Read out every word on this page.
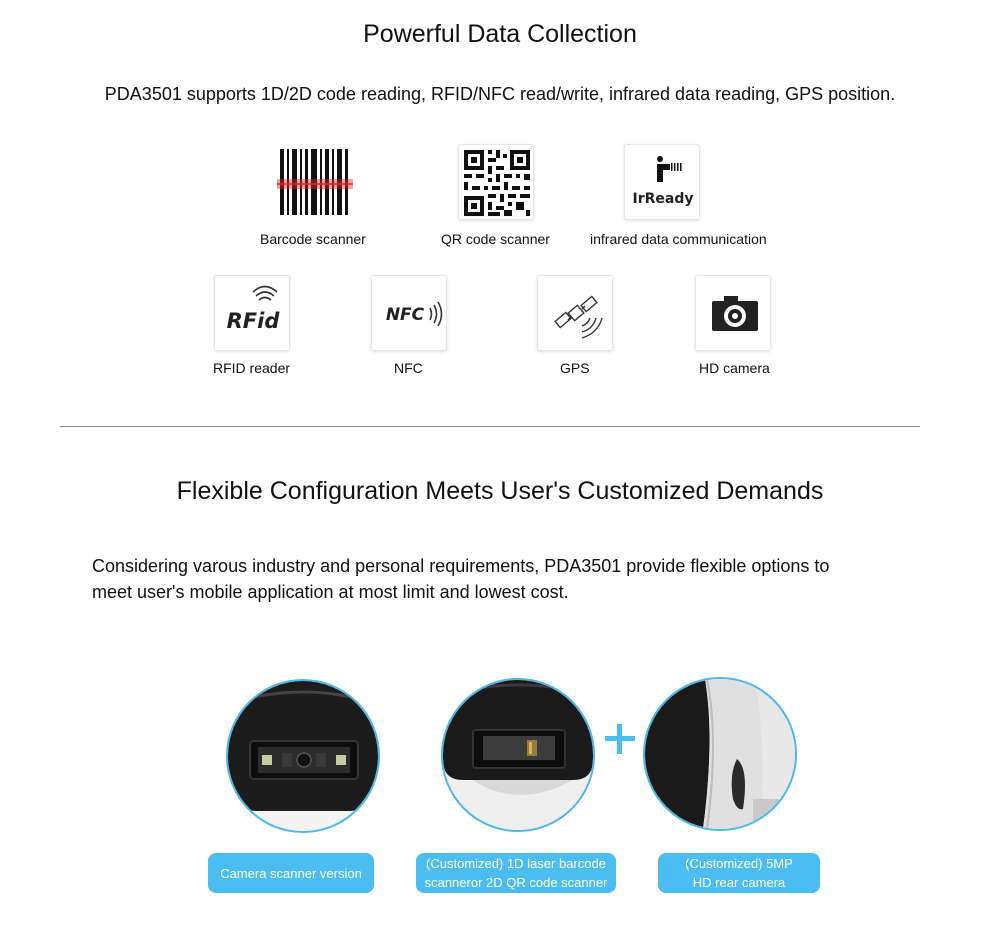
Powerful Data Collection
PDA3501 supports 1D/2D code reading, RFID/NFC read/write, infrared data reading, GPS position.
Barcode scanner	QR code scanner
IrReady
infrared data communication
RFid
RFID reader
NFC
NFC	GPS	HD camera
Flexible Configuration Meets User's Customized Demands
Considering varous industry and personal requirements, PDA3501 provide flexible options to
meet user's mobile application at most limit and lowest cost.
Camera scanner version
(Customized) 1D laser barcode
scanneror 2D QR code scanner
(Customized) 5MP
HD rear camera
